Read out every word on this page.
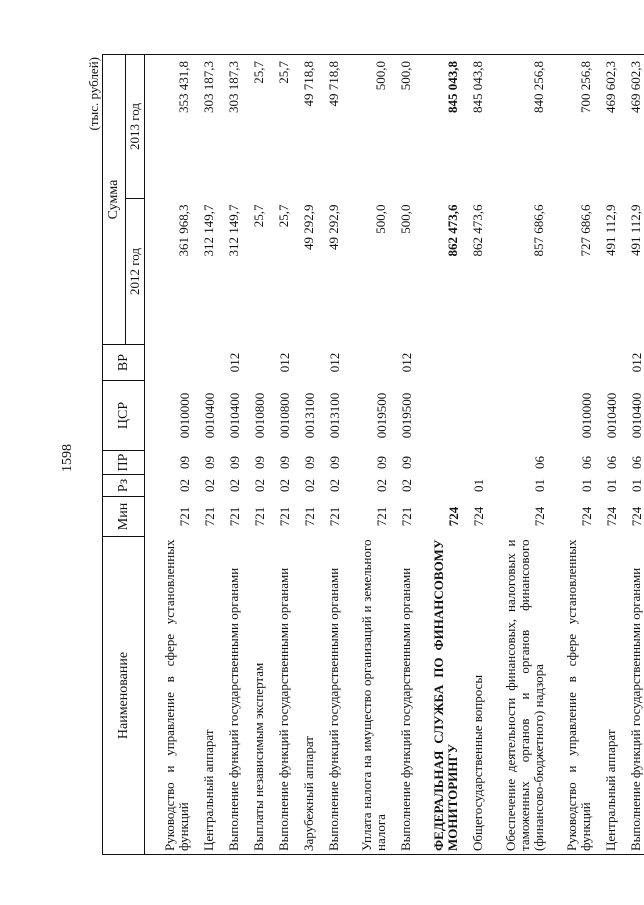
1598
(тыс. рублей)
Наименование	Мин	Рз	ПР	ЦСР	ВР	Сумма	
						2012 год	2013 год
Руководство и управление в сфере установленных функций	721	02	09	0010000		361 968,3	353 431,8
Центральный аппарат	721	02	09	0010400		312 149,7	303 187,3
Выполнение функций государственными органами	721	02	09	0010400	012	312 149,7	303 187,3
Выплаты независимым экспертам	721	02	09	0010800		25,7	25,7
Выполнение функций государственными органами	721	02	09	0010800	012	25,7	25,7
Зарубежный аппарат	721	02	09	0013100		49 292,9	49 718,8
Выполнение функций государственными органами	721	02	09	0013100	012	49 292,9	49 718,8
Уплата налога на имущество организаций и земельного налога	721	02	09	0019500		500,0	500,0
Выполнение функций государственными органами	721	02	09	0019500	012	500,0	500,0
ФЕДЕРАЛЬНАЯ СЛУЖБА ПО ФИНАНСОВОМУ МОНИТОРИНГУ	724					862 473,6	845 043,8
Общегосударственные вопросы	724	01				862 473,6	845 043,8
Обеспечение деятельности финансовых, налоговых и таможенных органов и органов финансового (финансово-бюджетного) надзора	724	01	06			857 686,6	840 256,8
Руководство и управление в сфере установленных функций	724	01	06	0010000		727 686,6	700 256,8
Центральный аппарат	724	01	06	0010400		491 112,9	469 602,3
Выполнение функций государственными органами	724	01	06	0010400	012	491 112,9	469 602,3
